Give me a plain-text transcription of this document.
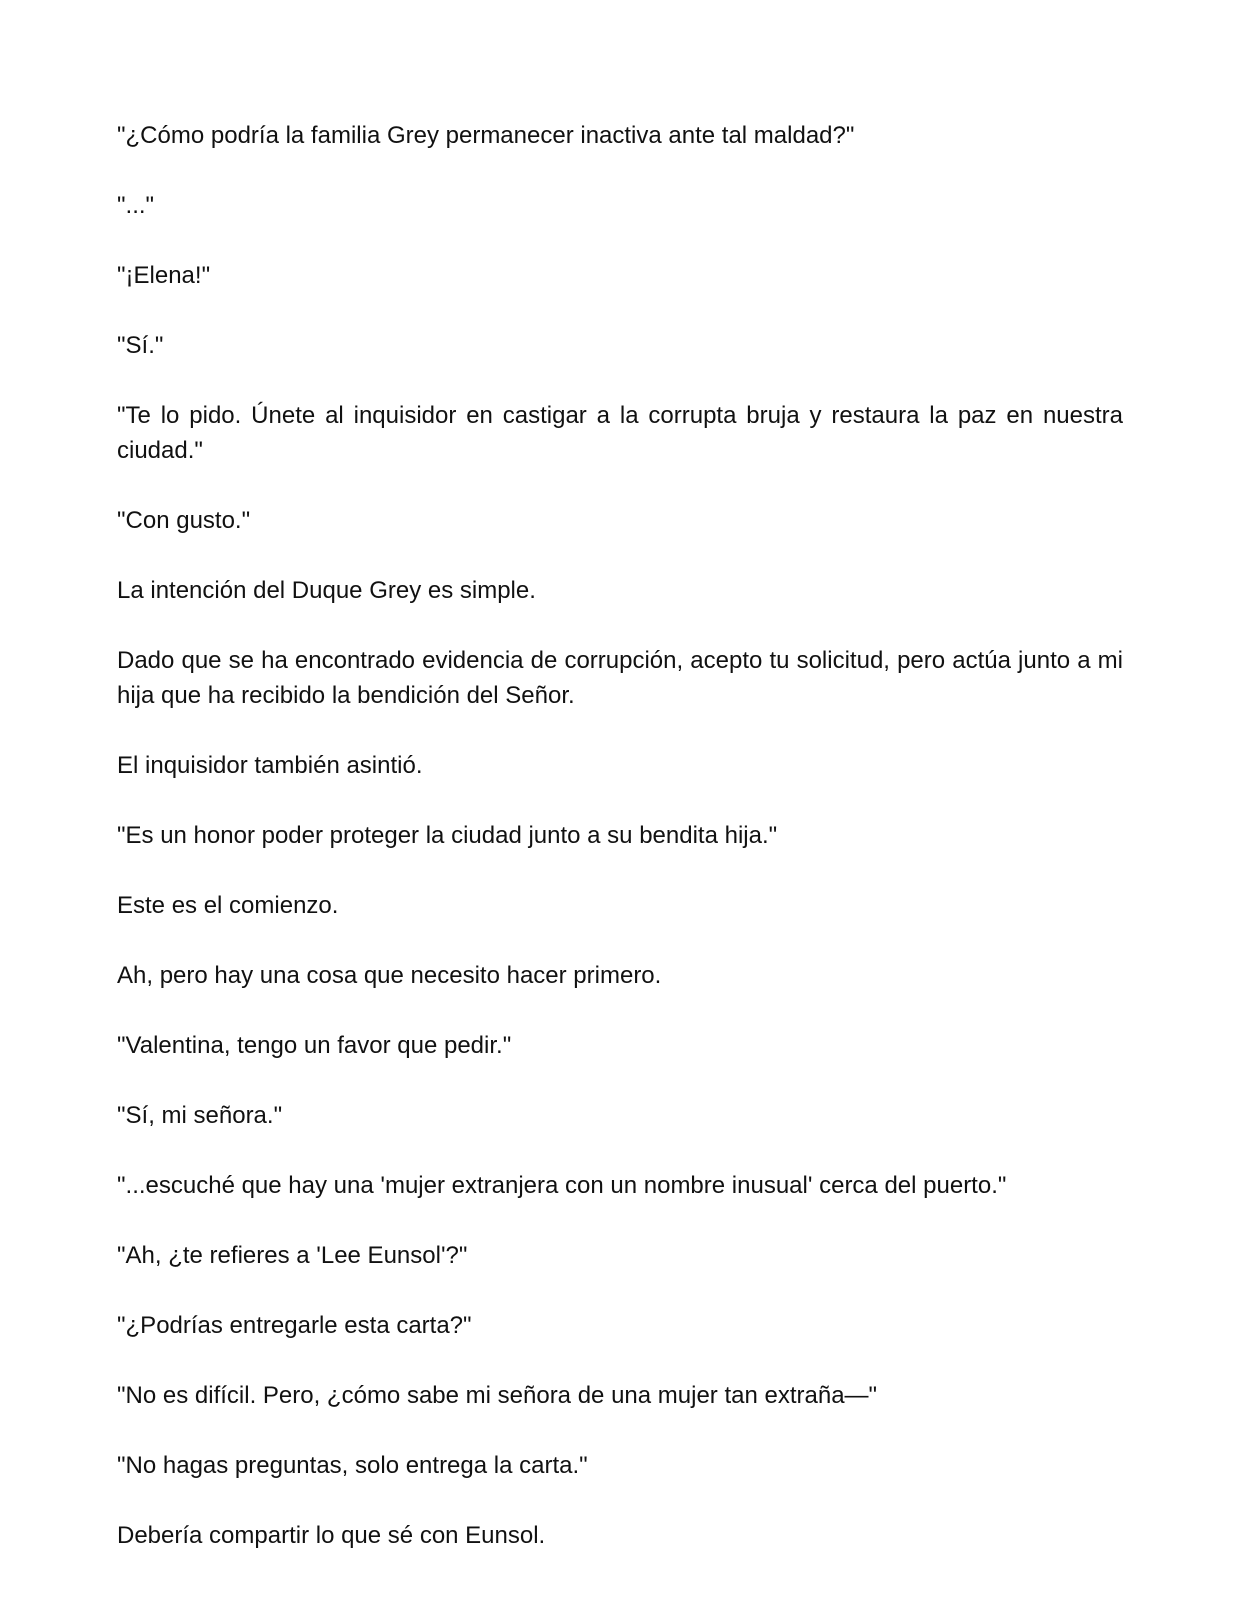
"¿Cómo podría la familia Grey permanecer inactiva ante tal maldad?"

"..."

"¡Elena!"

"Sí."

"Te lo pido. Únete al inquisidor en castigar a la corrupta bruja y restaura la paz en nuestra ciudad."

"Con gusto."

La intención del Duque Grey es simple.

Dado que se ha encontrado evidencia de corrupción, acepto tu solicitud, pero actúa junto a mi hija que ha recibido la bendición del Señor.

El inquisidor también asintió.

"Es un honor poder proteger la ciudad junto a su bendita hija."

Este es el comienzo.

Ah, pero hay una cosa que necesito hacer primero.

"Valentina, tengo un favor que pedir."

"Sí, mi señora."

"...escuché que hay una 'mujer extranjera con un nombre inusual' cerca del puerto."

"Ah, ¿te refieres a 'Lee Eunsol'?"

"¿Podrías entregarle esta carta?"

"No es difícil. Pero, ¿cómo sabe mi señora de una mujer tan extraña—"

"No hagas preguntas, solo entrega la carta."

Debería compartir lo que sé con Eunsol.
